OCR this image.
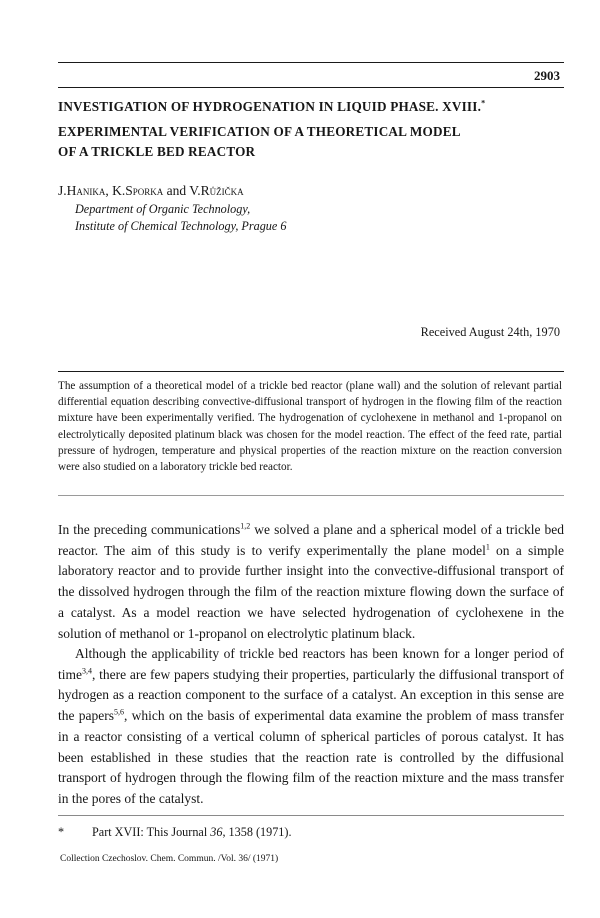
2903
INVESTIGATION OF HYDROGENATION IN LIQUID PHASE. XVIII.*
EXPERIMENTAL VERIFICATION OF A THEORETICAL MODEL
OF A TRICKLE BED REACTOR
J.Hanika, K.Sporka and V.Růžička
Department of Organic Technology,
Institute of Chemical Technology, Prague 6
Received August 24th, 1970
The assumption of a theoretical model of a trickle bed reactor (plane wall) and the solution of relevant partial differential equation describing convective-diffusional transport of hydrogen in the flowing film of the reaction mixture have been experimentally verified. The hydrogenation of cyclohexene in methanol and 1-propanol on electrolytically deposited platinum black was chosen for the model reaction. The effect of the feed rate, partial pressure of hydrogen, temperature and physical properties of the reaction mixture on the reaction conversion were also studied on a laboratory trickle bed reactor.

In the preceding communications$^{1,2}$ we solved a plane and a spherical model of a trickle bed reactor. The aim of this study is to verify experimentally the plane model$^1$ on a simple laboratory reactor and to provide further insight into the convective-diffusional transport of the dissolved hydrogen through the film of the reaction mixture flowing down the surface of a catalyst. As a model reaction we have selected hydrogenation of cyclohexene in the solution of methanol or 1-propanol on electrolytic platinum black.

Although the applicability of trickle bed reactors has been known for a longer period of time$^{3,4}$, there are few papers studying their properties, particularly the diffusional transport of hydrogen as a reaction component to the surface of a catalyst. An exception in this sense are the papers$^{5,6}$, which on the basis of experimental data examine the problem of mass transfer in a reactor consisting of a vertical column of spherical particles of porous catalyst. It has been established in these studies that the reaction rate is controlled by the diffusional transport of hydrogen through the flowing film of the reaction mixture and the mass transfer in the pores of the catalyst.

* Part XVII: This Journal 36, 1358 (1971).
Collection Czechoslov. Chem. Commun. /Vol. 36/ (1971)
